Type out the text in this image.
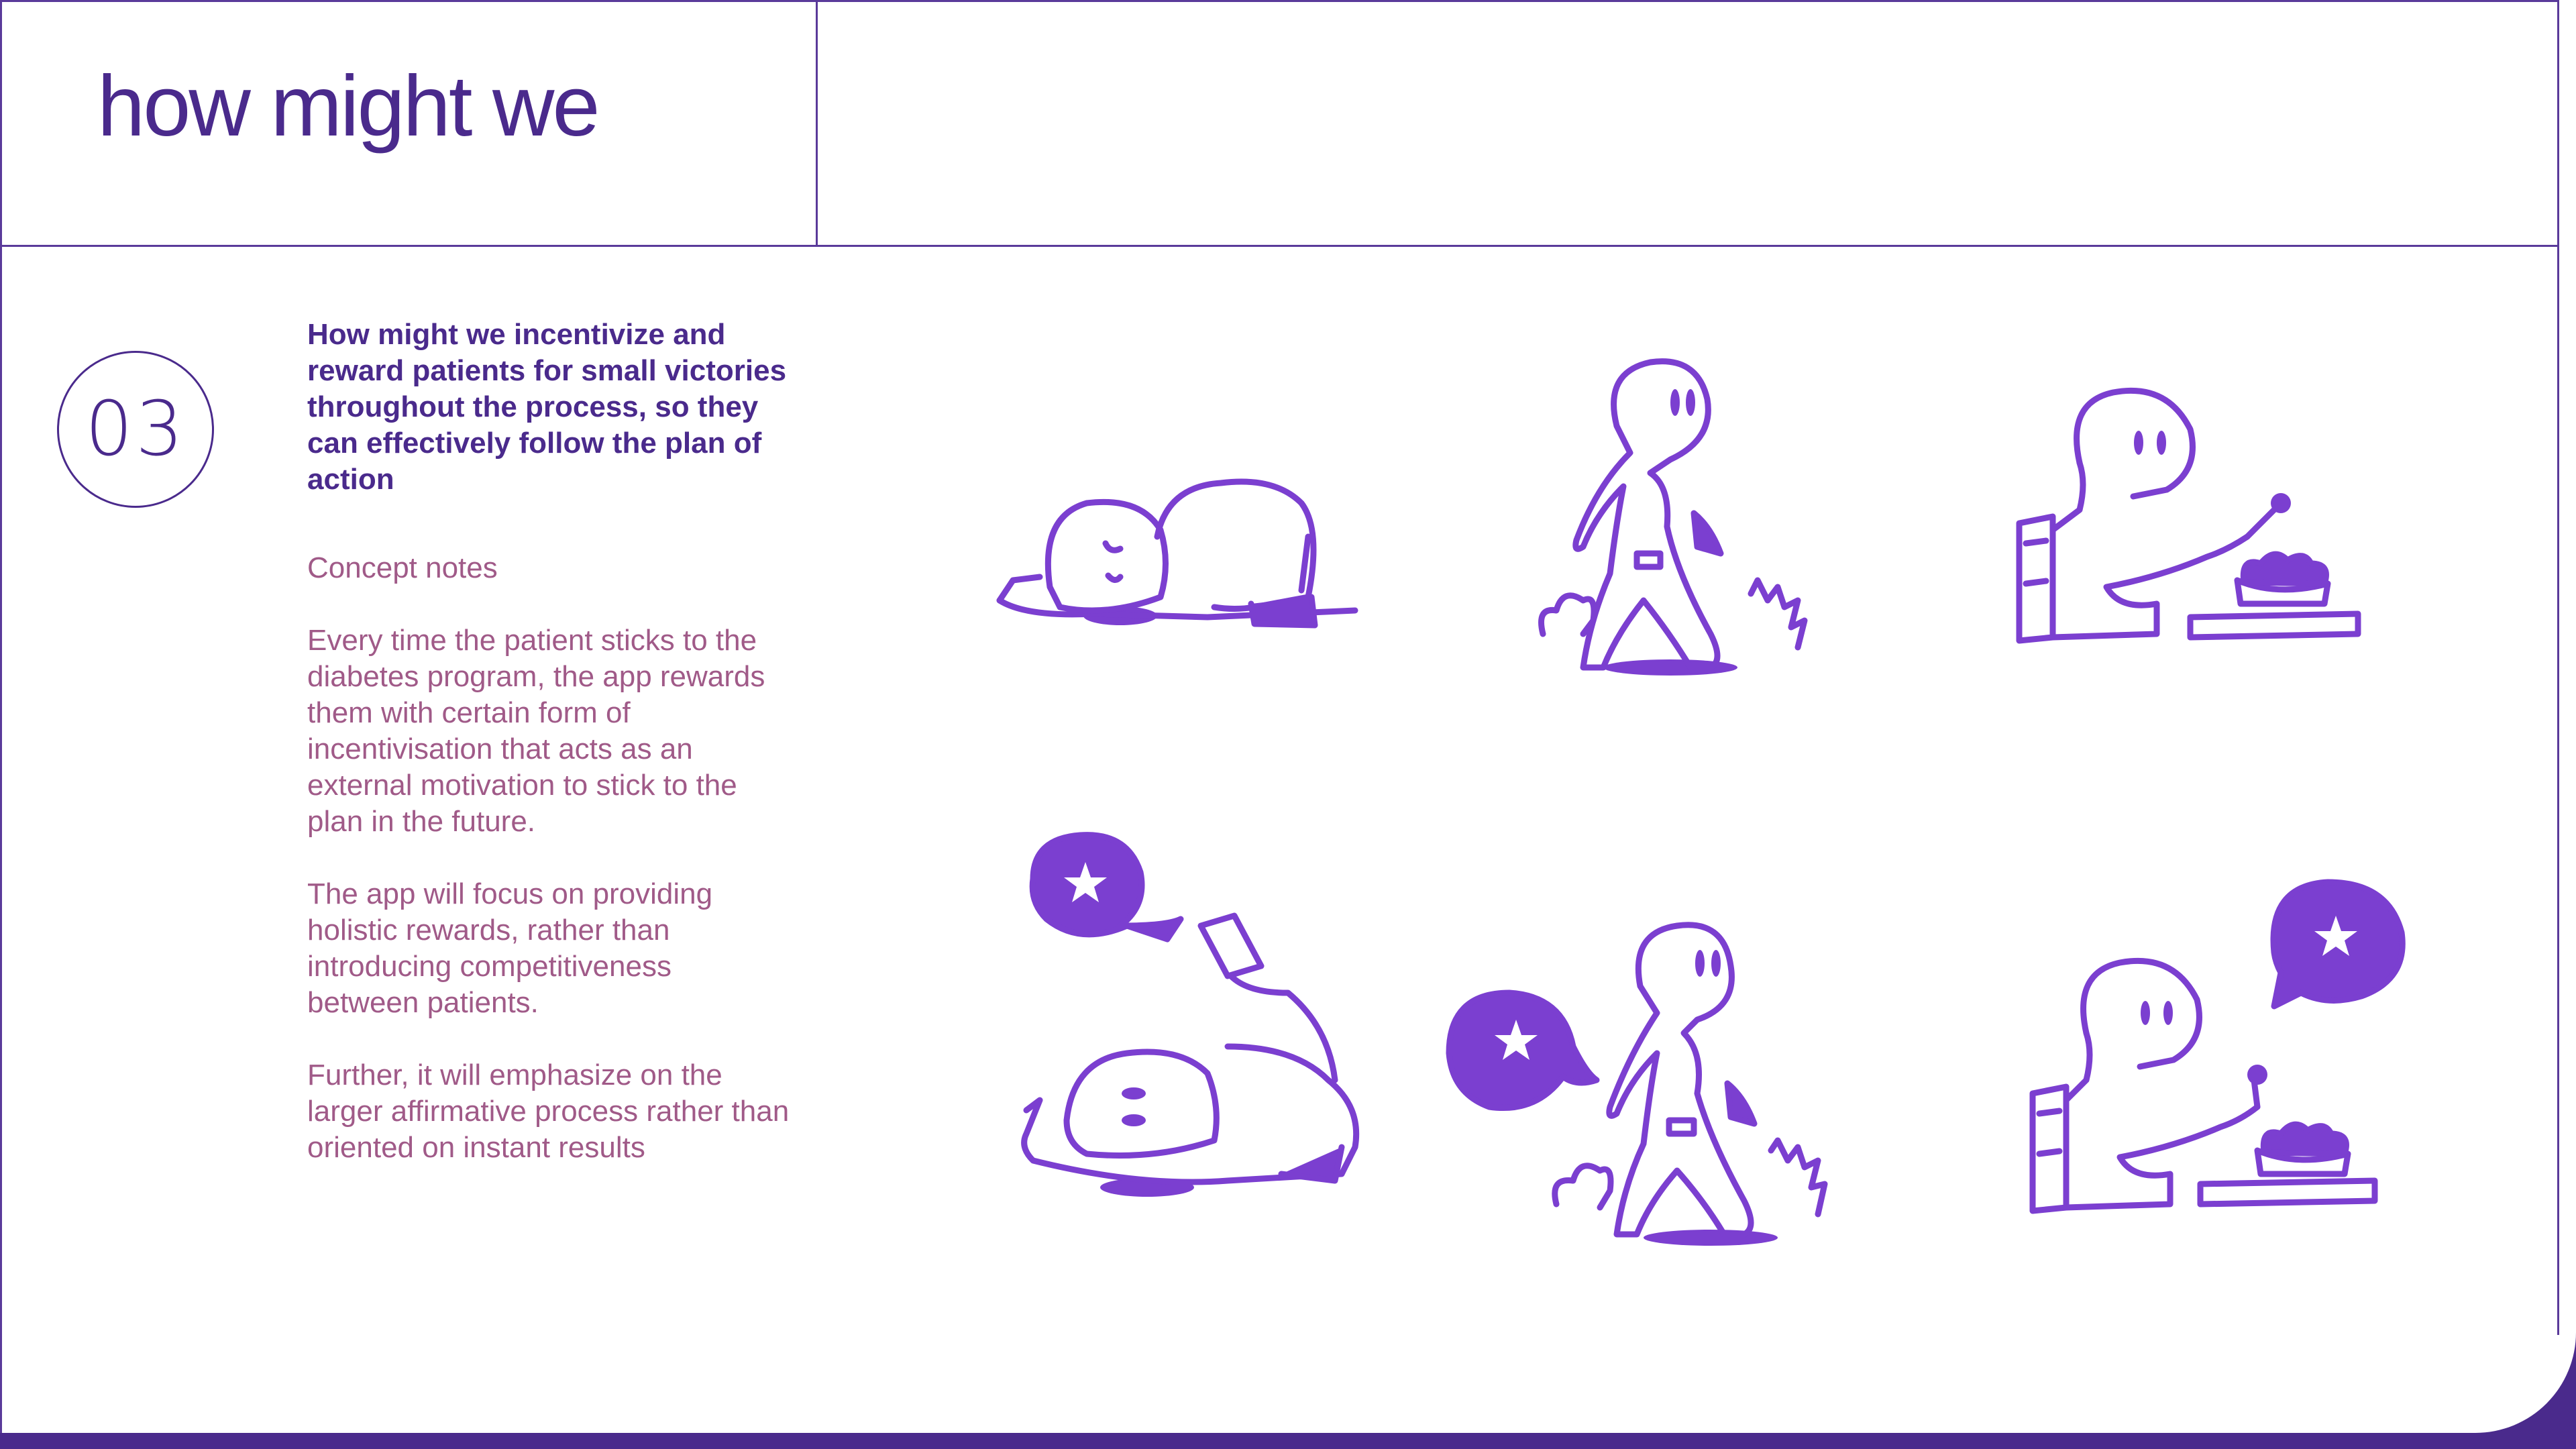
how might we
03
How might we incentivize and reward patients for small victories throughout the process, so they can effectively follow the plan of action

Concept notes

Every time the patient sticks to the diabetes program, the app rewards them with certain form of incentivisation that acts as an external motivation to stick to the plan in the future.

The app will focus on providing holistic rewards, rather than introducing competitiveness between patients.

Further, it will emphasize on the larger affirmative process rather than oriented on instant results
